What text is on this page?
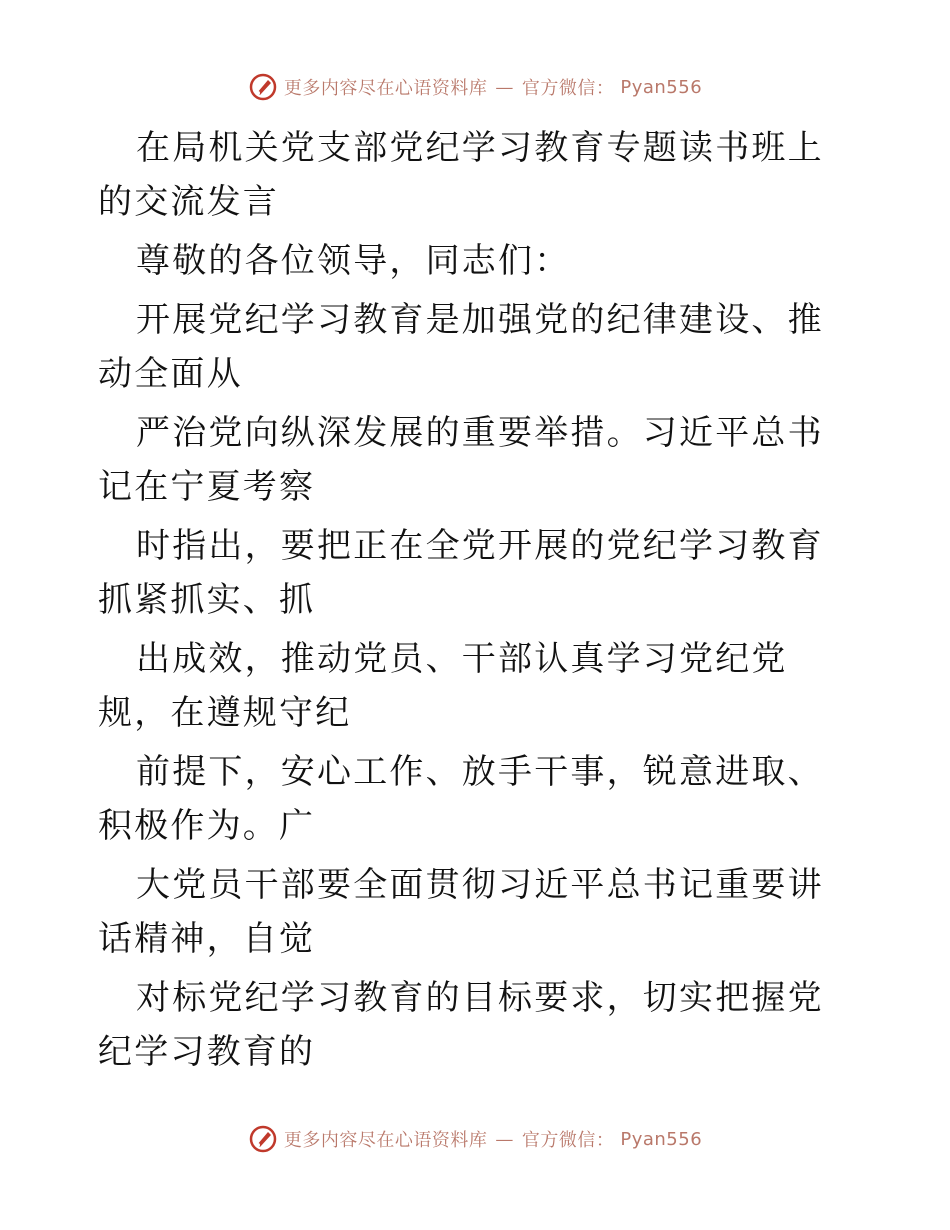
更多内容尽在心语资料库 — 官方微信： Pyan556

在局机关党支部党纪学习教育专题读书班上的交流发言

尊敬的各位领导，同志们：

开展党纪学习教育是加强党的纪律建设、推动全面从

严治党向纵深发展的重要举措。习近平总书记在宁夏考察

时指出，要把正在全党开展的党纪学习教育抓紧抓实、抓

出成效，推动党员、干部认真学习党纪党规，在遵规守纪

前提下，安心工作、放手干事，锐意进取、积极作为。广

大党员干部要全面贯彻习近平总书记重要讲话精神，自觉

对标党纪学习教育的目标要求，切实把握党纪学习教育的

更多内容尽在心语资料库 — 官方微信： Pyan556
